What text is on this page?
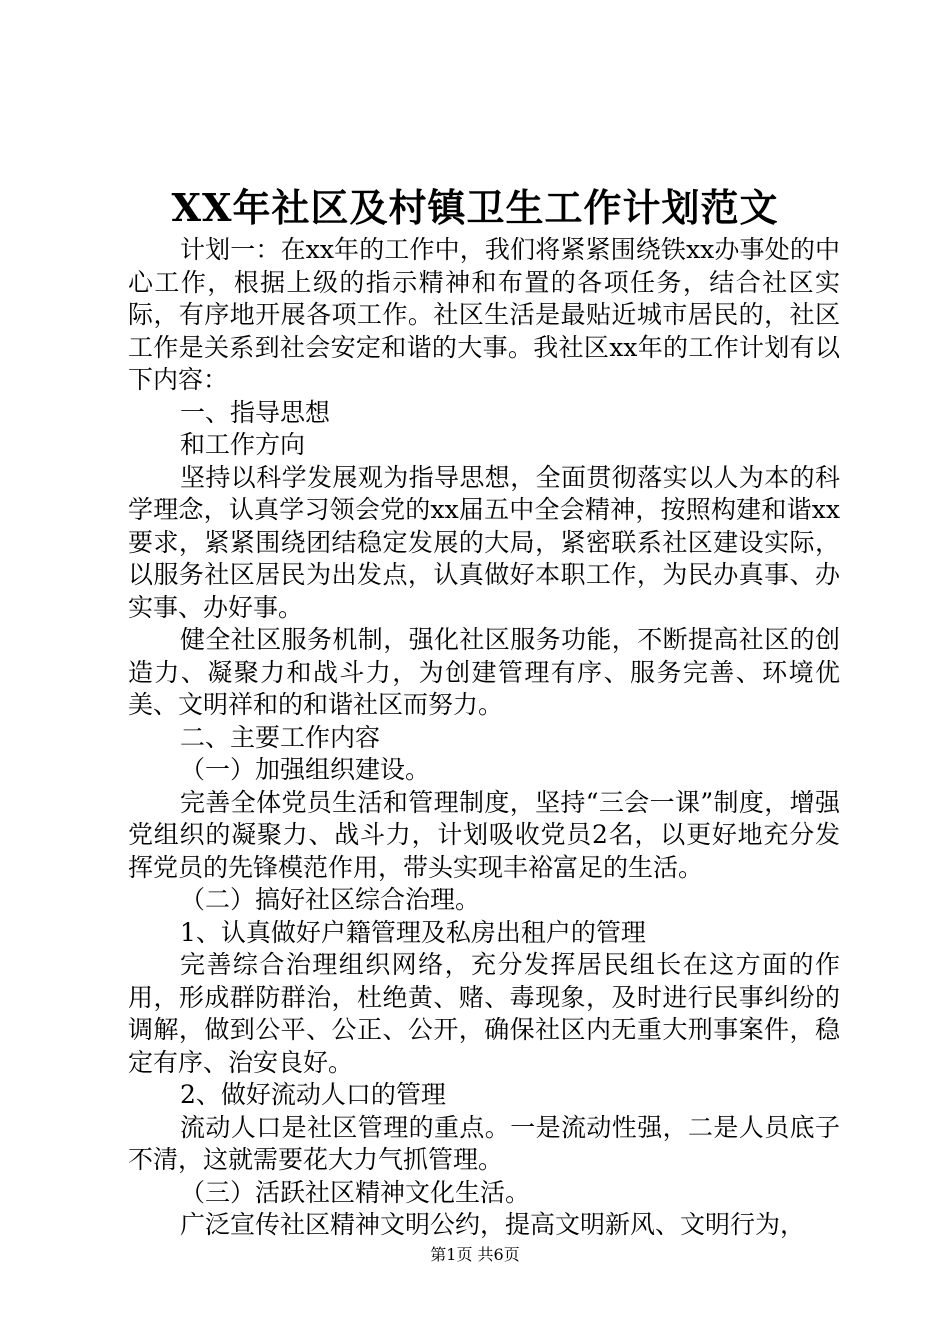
XX年社区及村镇卫生工作计划范文

计划一：在xx年的工作中，我们将紧紧围绕铁xx办事处的中心工作，根据上级的指示精神和布置的各项任务，结合社区实际，有序地开展各项工作。社区生活是最贴近城市居民的，社区工作是关系到社会安定和谐的大事。我社区xx年的工作计划有以下内容：

一、指导思想

和工作方向

坚持以科学发展观为指导思想，全面贯彻落实以人为本的科学理念，认真学习领会党的xx届五中全会精神，按照构建和谐xx要求，紧紧围绕团结稳定发展的大局，紧密联系社区建设实际，以服务社区居民为出发点，认真做好本职工作，为民办真事、办实事、办好事。

健全社区服务机制，强化社区服务功能，不断提高社区的创造力、凝聚力和战斗力，为创建管理有序、服务完善、环境优美、文明祥和的和谐社区而努力。

二、主要工作内容

（一）加强组织建设。

完善全体党员生活和管理制度，坚持“三会一课”制度，增强党组织的凝聚力、战斗力，计划吸收党员2名，以更好地充分发挥党员的先锋模范作用，带头实现丰裕富足的生活。

（二）搞好社区综合治理。

1、认真做好户籍管理及私房出租户的管理

完善综合治理组织网络，充分发挥居民组长在这方面的作用，形成群防群治，杜绝黄、赌、毒现象，及时进行民事纠纷的调解，做到公平、公正、公开，确保社区内无重大刑事案件，稳定有序、治安良好。

2、做好流动人口的管理

流动人口是社区管理的重点。一是流动性强，二是人员底子不清，这就需要花大力气抓管理。

（三）活跃社区精神文化生活。

广泛宣传社区精神文明公约，提高文明新风、文明行为，

第1页 共6页
